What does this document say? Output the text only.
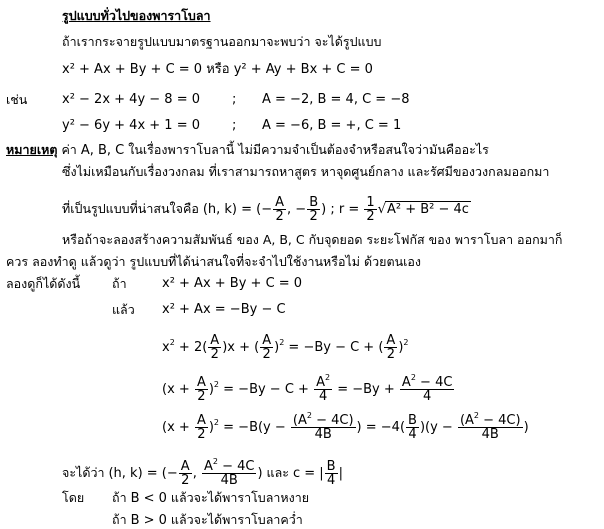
รูปแบบทั่วไปของพาราโบลา
ถ้าเรากระจายรูปแบบมาตรฐานออกมาจะพบว่า จะได้รูปแบบ
x² + Ax + By + C = 0 หรือ y² + Ay + Bx + C = 0
เช่น	x² − 2x + 4y − 8 = 0 ; A = −2, B = 4, C = −8
y² − 6y + 4x + 1 = 0 ; A = −6, B = +, C = 1
หมายเหตุ ค่า A, B, C ในเรื่องพาราโบลานี้ ไม่มีความจำเป็นต้องจำหรือสนใจว่ามันคืออะไร
ซึ่งไม่เหมือนกับเรื่องวงกลม ที่เราสามารถหาสูตร หาจุดศูนย์กลาง และรัศมีของวงกลมออกมา
ที่เป็นรูปแบบที่น่าสนใจคือ (h, k) = (− $\frac{A}{2}$ , − $\frac{B}{2}$ ) ; $r = \frac{1}{2} √A^2 + B^2 - 4c$
หรือถ้าจะลองสร้างความสัมพันธ์ ของ A, B, C กับจุดยอด ระยะโฟกัส ของ พาราโบลา ออกมาก็
ควร ลองทำดู แล้วดูว่า รูปแบบที่ได้น่าสนใจที่จะจำไปใช้งานหรือไม่ ด้วยตนเอง
ลองดูก็ได้ดังนี้	ถ้า	x² + Ax + By + C = 0
แล้ว x² + Ax = −By − C
$x^2 + 2( \frac{A}{2} )x$ + ( $\frac{A}{2} )^2 = -By - C$ + ( $\frac{A}{2} )^2$
$(x + \frac{A}{2} )^2 = -By - C + \frac{A^2}{4} = -By + \frac{A^2 - 4C}{4}$
$(x + \frac{A}{2} )^2 = -B(y - \frac{(A^2 - 4C)}{4B}$ ) = $-4( \frac{B}{4} )(y - \frac{(A^2 - 4C)}{4B}$ )
จะได้ว่า (h, k) = (− $\frac{A}{2}$ , $\frac{A^2 - 4C}{4B}$ ) และ c = | $\frac{B}{4}$ |
โดย ถ้า B < 0 แล้วจะได้พาราโบลาหงาย
ถ้า B > 0 แล้วจะได้พาราโบลาคว่ำ
